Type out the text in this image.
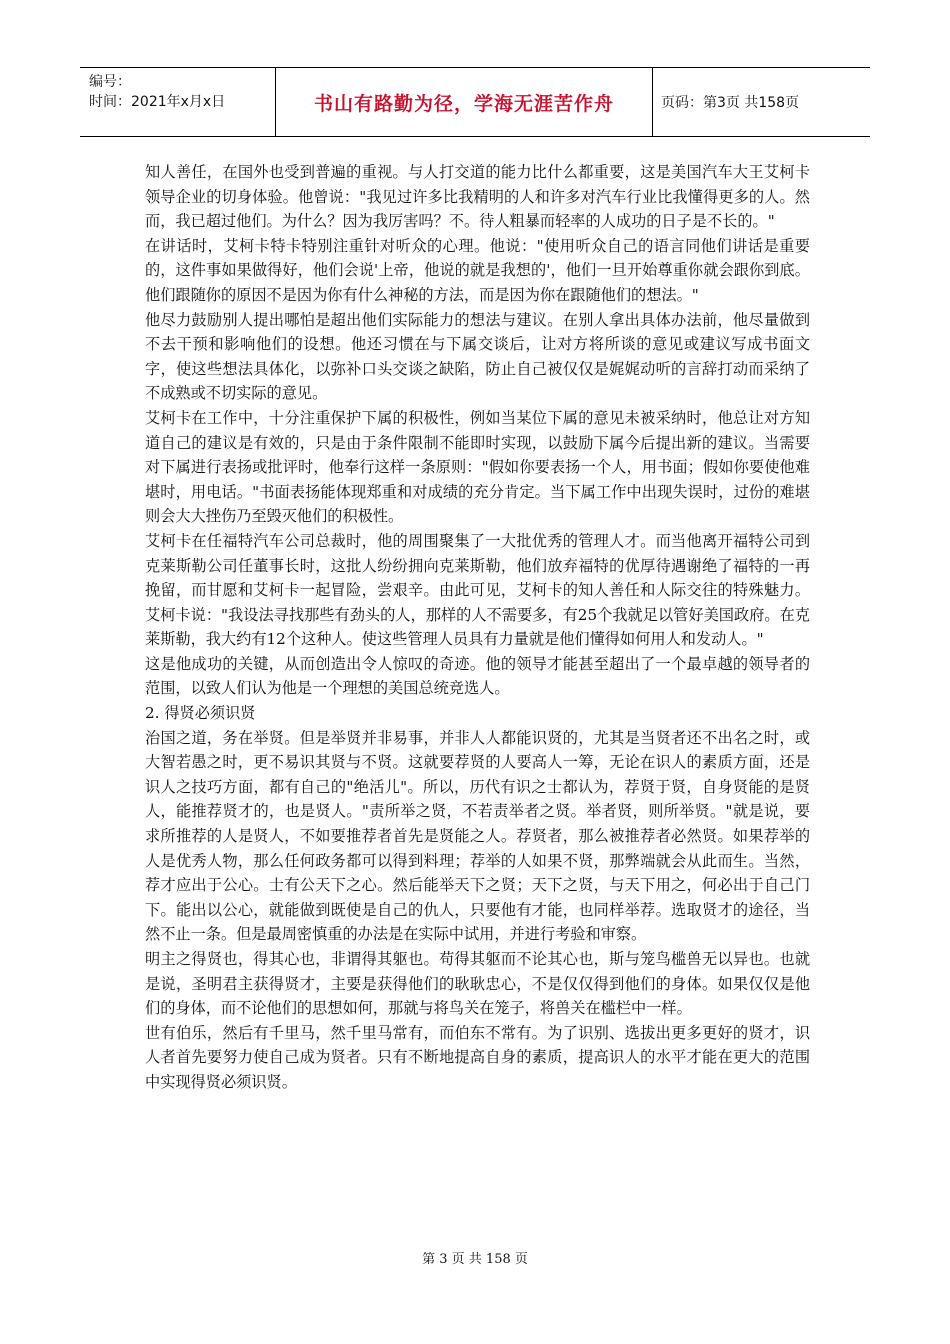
编号：
时间：2021年x月x日	书山有路勤为径，学海无涯苦作舟	页码：第3页 共158页

知人善任，在国外也受到普遍的重视。与人打交道的能力比什么都重要，这是美国汽车大王艾柯卡领导企业的切身体验。他曾说："我见过许多比我精明的人和许多对汽车行业比我懂得更多的人。然而，我已超过他们。为什么？因为我厉害吗？不。待人粗暴而轻率的人成功的日子是不长的。"

在讲话时，艾柯卡特卡特别注重针对听众的心理。他说："使用听众自己的语言同他们讲话是重要的，这件事如果做得好，他们会说'上帝，他说的就是我想的'，他们一旦开始尊重你就会跟你到底。他们跟随你的原因不是因为你有什么神秘的方法，而是因为你在跟随他们的想法。"

他尽力鼓励别人提出哪怕是超出他们实际能力的想法与建议。在别人拿出具体办法前，他尽量做到不去干预和影响他们的设想。他还习惯在与下属交谈后，让对方将所谈的意见或建议写成书面文字，使这些想法具体化，以弥补口头交谈之缺陷，防止自己被仅仅是娓娓动听的言辞打动而采纳了不成熟或不切实际的意见。

艾柯卡在工作中，十分注重保护下属的积极性，例如当某位下属的意见未被采纳时，他总让对方知道自己的建议是有效的，只是由于条件限制不能即时实现，以鼓励下属今后提出新的建议。当需要对下属进行表扬或批评时，他奉行这样一条原则："假如你要表扬一个人，用书面；假如你要使他难堪时，用电话。"书面表扬能体现郑重和对成绩的充分肯定。当下属工作中出现失误时，过份的难堪则会大大挫伤乃至毁灭他们的积极性。

艾柯卡在任福特汽车公司总裁时，他的周围聚集了一大批优秀的管理人才。而当他离开福特公司到克莱斯勒公司任董事长时，这批人纷纷拥向克莱斯勒，他们放弃福特的优厚待遇谢绝了福特的一再挽留，而甘愿和艾柯卡一起冒险，尝艰辛。由此可见，艾柯卡的知人善任和人际交往的特殊魅力。艾柯卡说："我设法寻找那些有劲头的人，那样的人不需要多，有25个我就足以管好美国政府。在克莱斯勒，我大约有12个这种人。使这些管理人员具有力量就是他们懂得如何用人和发动人。"

这是他成功的关键，从而创造出令人惊叹的奇迹。他的领导才能甚至超出了一个最卓越的领导者的范围，以致人们认为他是一个理想的美国总统竞选人。

2. 得贤必须识贤

治国之道，务在举贤。但是举贤并非易事，并非人人都能识贤的，尤其是当贤者还不出名之时，或大智若愚之时，更不易识其贤与不贤。这就要荐贤的人要高人一筹，无论在识人的素质方面，还是识人之技巧方面，都有自己的"绝活儿"。所以，历代有识之士都认为，荐贤于贤，自身贤能的是贤人，能推荐贤才的，也是贤人。"责所举之贤，不若责举者之贤。举者贤，则所举贤。"就是说，要求所推荐的人是贤人，不如要推荐者首先是贤能之人。荐贤者，那么被推荐者必然贤。如果荐举的人是优秀人物，那么任何政务都可以得到料理；荐举的人如果不贤，那弊端就会从此而生。当然，荐才应出于公心。士有公天下之心。然后能举天下之贤；天下之贤，与天下用之，何必出于自己门下。能出以公心，就能做到既使是自己的仇人，只要他有才能，也同样举荐。选取贤才的途径，当然不止一条。但是最周密慎重的办法是在实际中试用，并进行考验和审察。

明主之得贤也，得其心也，非谓得其躯也。苟得其躯而不论其心也，斯与笼鸟槛兽无以异也。也就是说，圣明君主获得贤才，主要是获得他们的耿耿忠心，不是仅仅得到他们的身体。如果仅仅是他们的身体，而不论他们的思想如何，那就与将鸟关在笼子，将兽关在槛栏中一样。

世有伯乐，然后有千里马，然千里马常有，而伯东不常有。为了识别、选拔出更多更好的贤才，识人者首先要努力使自己成为贤者。只有不断地提高自身的素质，提高识人的水平才能在更大的范围中实现得贤必须识贤。

第 3 页 共 158 页
